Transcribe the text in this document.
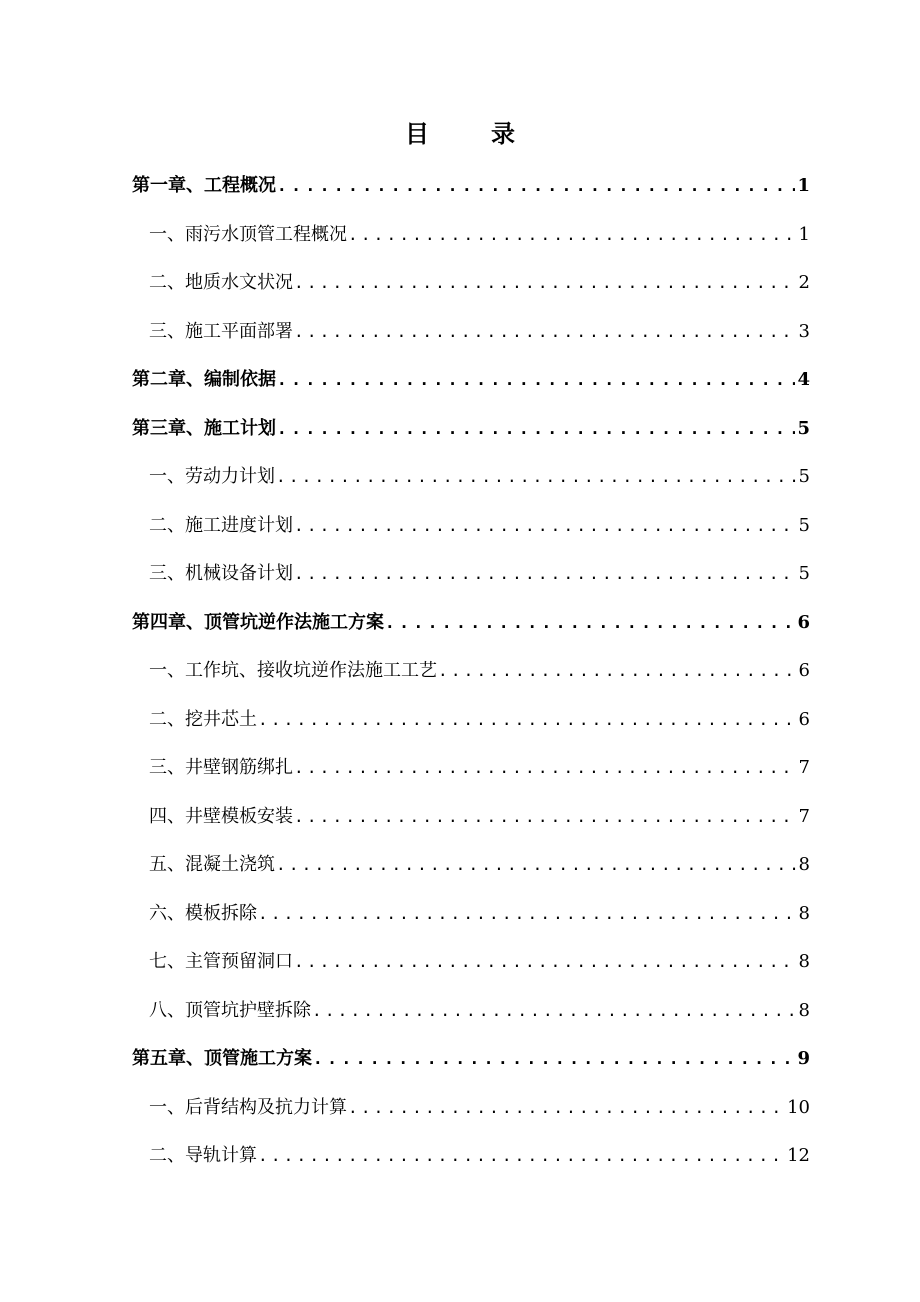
目	录
第一章、工程概况 .....	1
一、雨污水顶管工程概况 .....	1
二、地质水文状况 .....	2
三、施工平面部署 .....	3
第二章、编制依据 .....	4
第三章、施工计划 .....	5
一、劳动力计划 .....	5
二、施工进度计划 .....	5
三、机械设备计划 .....	5
第四章、顶管坑逆作法施工方案 .....	6
一、工作坑、接收坑逆作法施工工艺 .....	6
二、挖井芯土 .....	6
三、井壁钢筋绑扎 .....	7
四、井壁模板安装 .....	7
五、混凝土浇筑 .....	8
六、模板拆除 .....	8
七、主管预留洞口 .....	8
八、顶管坑护壁拆除 .....	8
第五章、顶管施工方案 .....	9
一、后背结构及抗力计算 .....	10
二、导轨计算 .....	12
